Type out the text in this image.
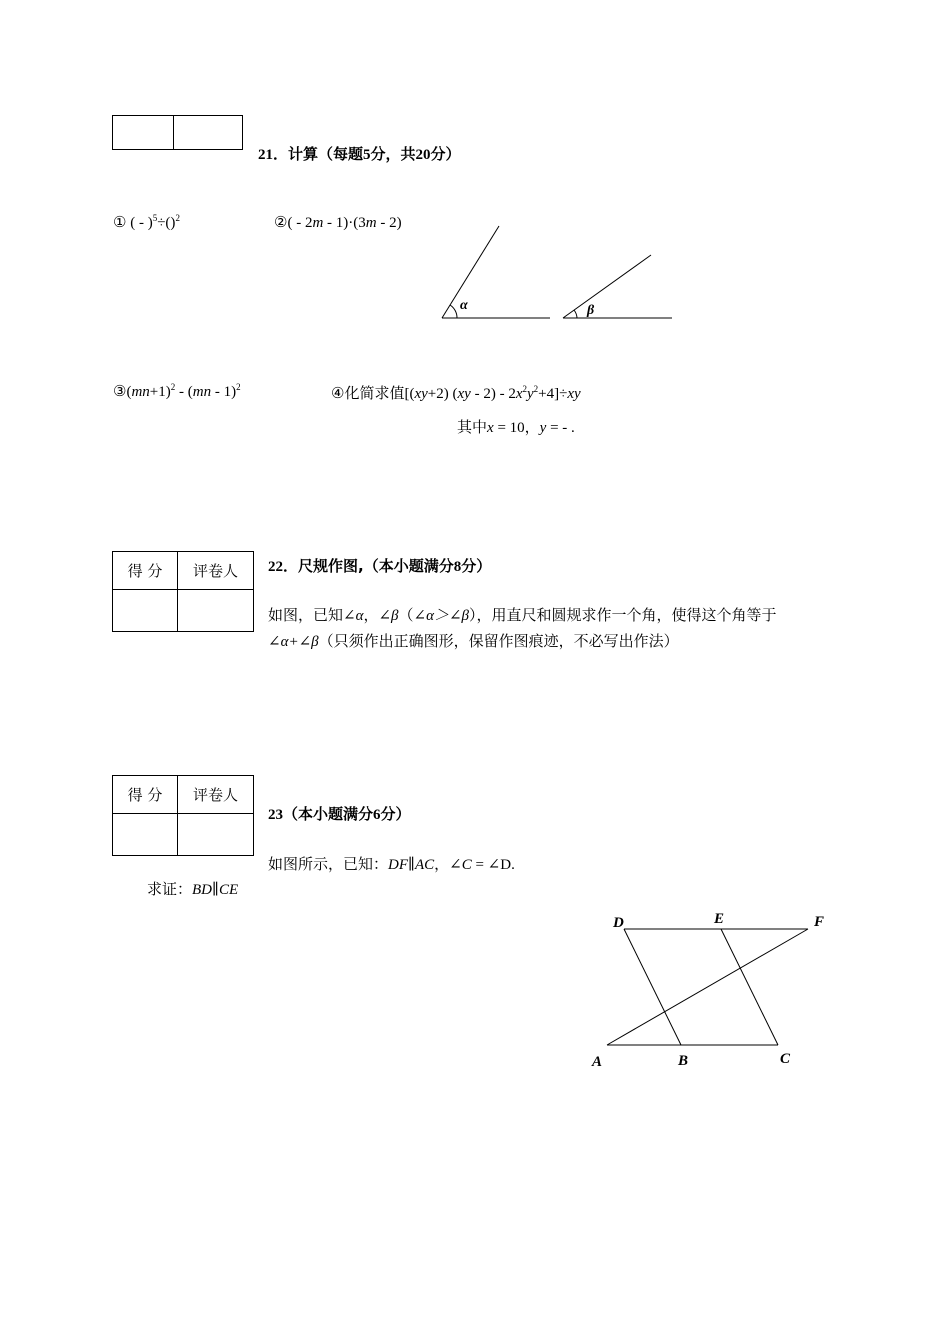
21．计算（每题5分，共20分）
① ( - )$^5$÷()$^2$	②( - 2m - 1)·(3m - 2)
α	β
$③(mn+1)^2 - (mn - 1)^2$	④化简求值[(xy+2) $(xy - 2) - 2x^2y^2+4]\div xy$
其中x = 10，y = - .
得 分	评卷人
	22．尺规作图,（本小题满分8分）
如图，已知∠α，∠β（∠α＞∠β），用直尺和圆规求作一个角，使得这个角等于
∠α+∠β（只须作出正确图形，保留作图痕迹，不必写出作法）
得 分	评卷人

23（本小题满分6分）
如图所示，已知：DF∥AC，∠C = ∠D.
求证：BD∥CE
D	E	F
A	B	C
